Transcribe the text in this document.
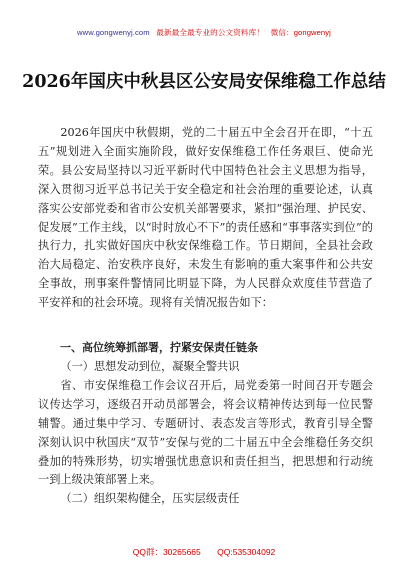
www.gongwenyj.com 最新最全最专业的公文资料库！ 微信：gongwenyj
2026年国庆中秋县区公安局安保维稳工作总结

2026年国庆中秋假期，党的二十届五中全会召开在即，“十五五”规划进入全面实施阶段，做好安保维稳工作任务艰巨、使命光荣。县公安局坚持以习近平新时代中国特色社会主义思想为指导，深入贯彻习近平总书记关于安全稳定和社会治理的重要论述，认真落实公安部党委和省市公安机关部署要求，紧扣“强治理、护民安、促发展”工作主线，以“时时放心不下”的责任感和“事事落实到位”的执行力，扎实做好国庆中秋安保维稳工作。节日期间，全县社会政治大局稳定、治安秩序良好，未发生有影响的重大案事件和公共安全事故，刑事案件警情同比明显下降，为人民群众欢度佳节营造了平安祥和的社会环境。现将有关情况报告如下：

一、高位统筹抓部署，拧紧安保责任链条

（一）思想发动到位，凝聚全警共识

省、市安保维稳工作会议召开后，局党委第一时间召开专题会议传达学习，逐级召开动员部署会，将会议精神传达到每一位民警辅警。通过集中学习、专题研讨、表态发言等形式，教育引导全警深刻认识中秋国庆“双节”安保与党的二十届五中全会维稳任务交织叠加的特殊形势，切实增强忧患意识和责任担当，把思想和行动统一到上级决策部署上来。

（二）组织架构健全，压实层级责任

QQ群：30265665 QQ:535304092
